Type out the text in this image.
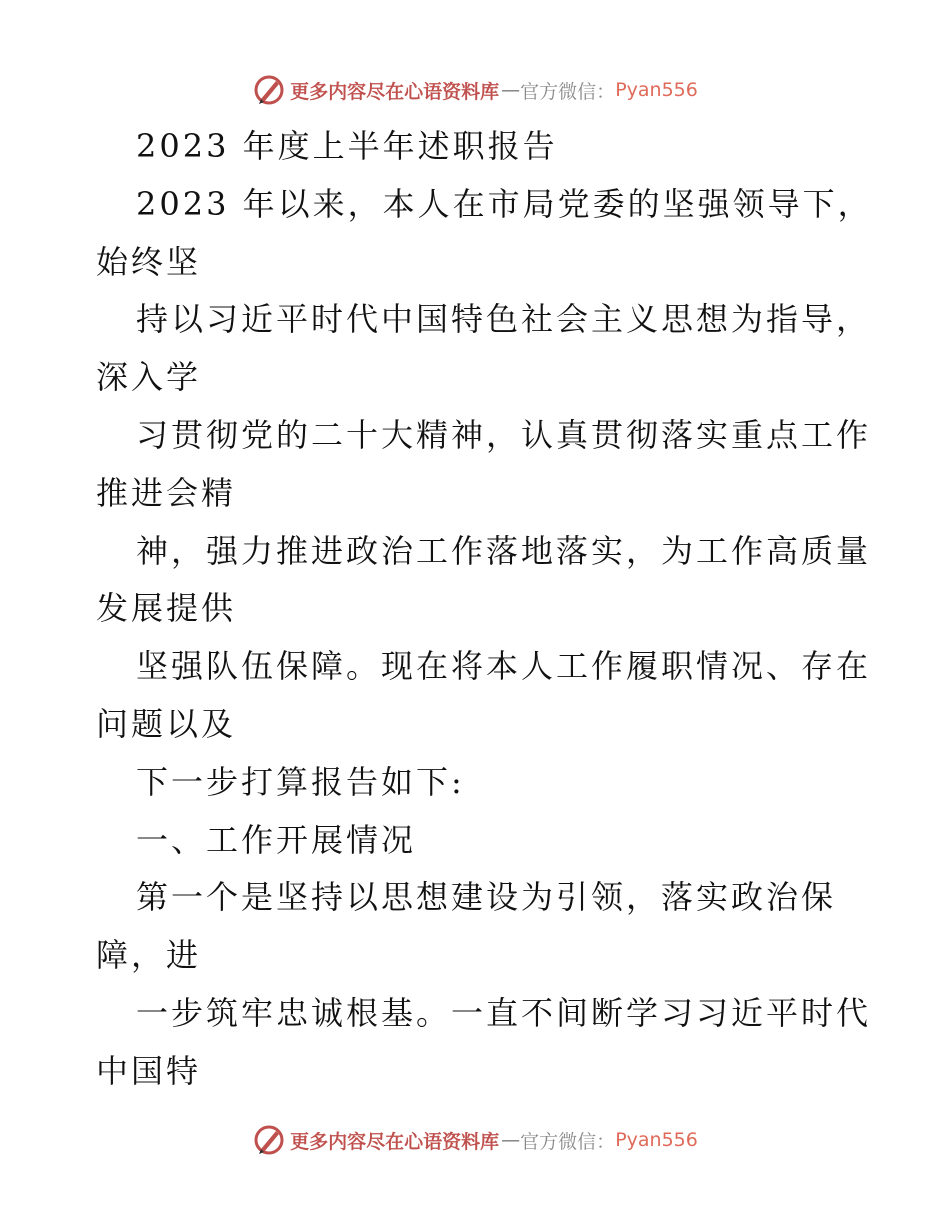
更多内容尽在心语资料库 — 官方微信： Pyan556
2023 年度上半年述职报告
2023 年以来，本人在市局党委的坚强领导下，
始终坚
持以习近平时代中国特色社会主义思想为指导，
深入学
习贯彻党的二十大精神，认真贯彻落实重点工作
推进会精
神，强力推进政治工作落地落实，为工作高质量
发展提供
坚强队伍保障。现在将本人工作履职情况、存在
问题以及
下一步打算报告如下:
一、工作开展情况
第一个是坚持以思想建设为引领，落实政治保
障，进
一步筑牢忠诚根基。一直不间断学习习近平时代
中国特
更多内容尽在心语资料库 — 官方微信： Pyan556
